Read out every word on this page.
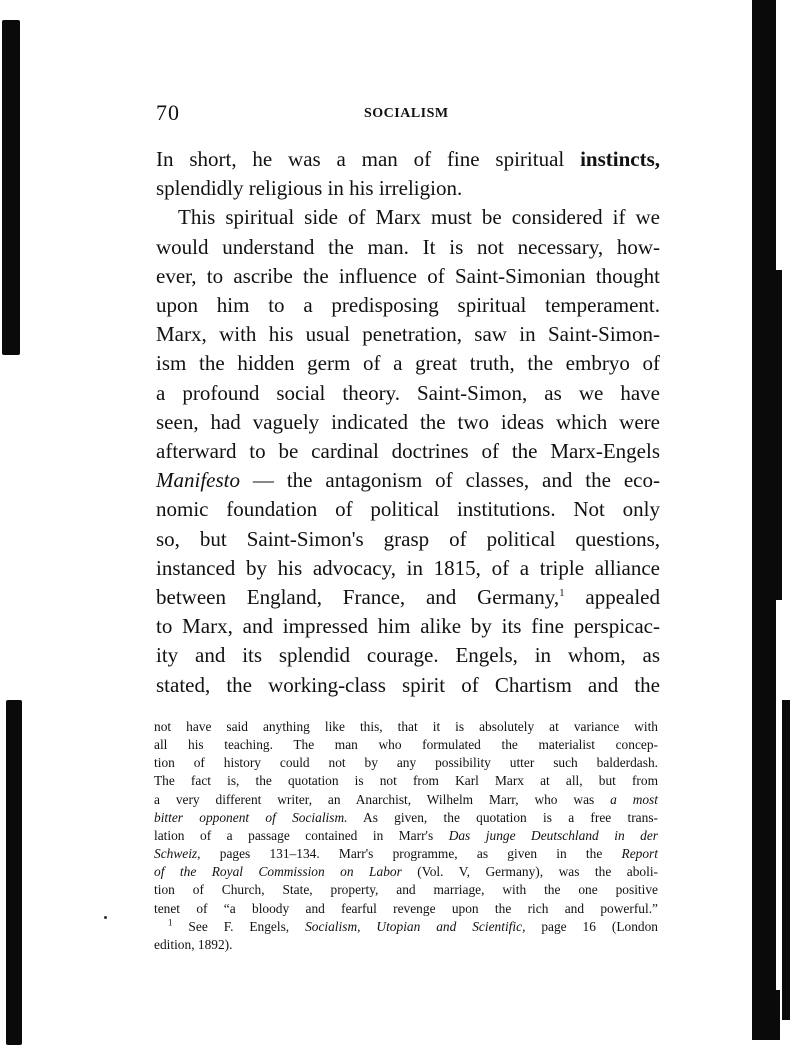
70	SOCIALISM
In short, he was a man of fine spiritual instincts,
splendidly religious in his irreligion.
This spiritual side of Marx must be considered if we
would understand the man. It is not necessary, how-
ever, to ascribe the influence of Saint-Simonian thought
upon him to a predisposing spiritual temperament.
Marx, with his usual penetration, saw in Saint-Simon-
ism the hidden germ of a great truth, the embryo of
a profound social theory. Saint-Simon, as we have
seen, had vaguely indicated the two ideas which were
afterward to be cardinal doctrines of the Marx-Engels
Manifesto — the antagonism of classes, and the eco-
nomic foundation of political institutions. Not only
so, but Saint-Simon's grasp of political questions,
instanced by his advocacy, in 1815, of a triple alliance
between England, France, and Germany,$^1$ appealed
to Marx, and impressed him alike by its fine perspicac-
ity and its splendid courage. Engels, in whom, as
stated, the working-class spirit of Chartism and the
not have said anything like this, that it is absolutely at variance with
all his teaching. The man who formulated the materialist concep-
tion of history could not by any possibility utter such balderdash.
The fact is, the quotation is not from Karl Marx at all, but from
a very different writer, an Anarchist, Wilhelm Marr, who was a most
bitter opponent of Socialism. As given, the quotation is a free trans-
lation of a passage contained in Marr's Das junge Deutschland in der
Schweiz, pages 131–134. Marr's programme, as given in the Report
of the Royal Commission on Labor (Vol. V, Germany), was the aboli-
tion of Church, State, property, and marriage, with the one positive
tenet of “a bloody and fearful revenge upon the rich and powerful.”
$^1$ See F. Engels, Socialism, Utopian and Scientific, page 16 (London
edition, 1892).
